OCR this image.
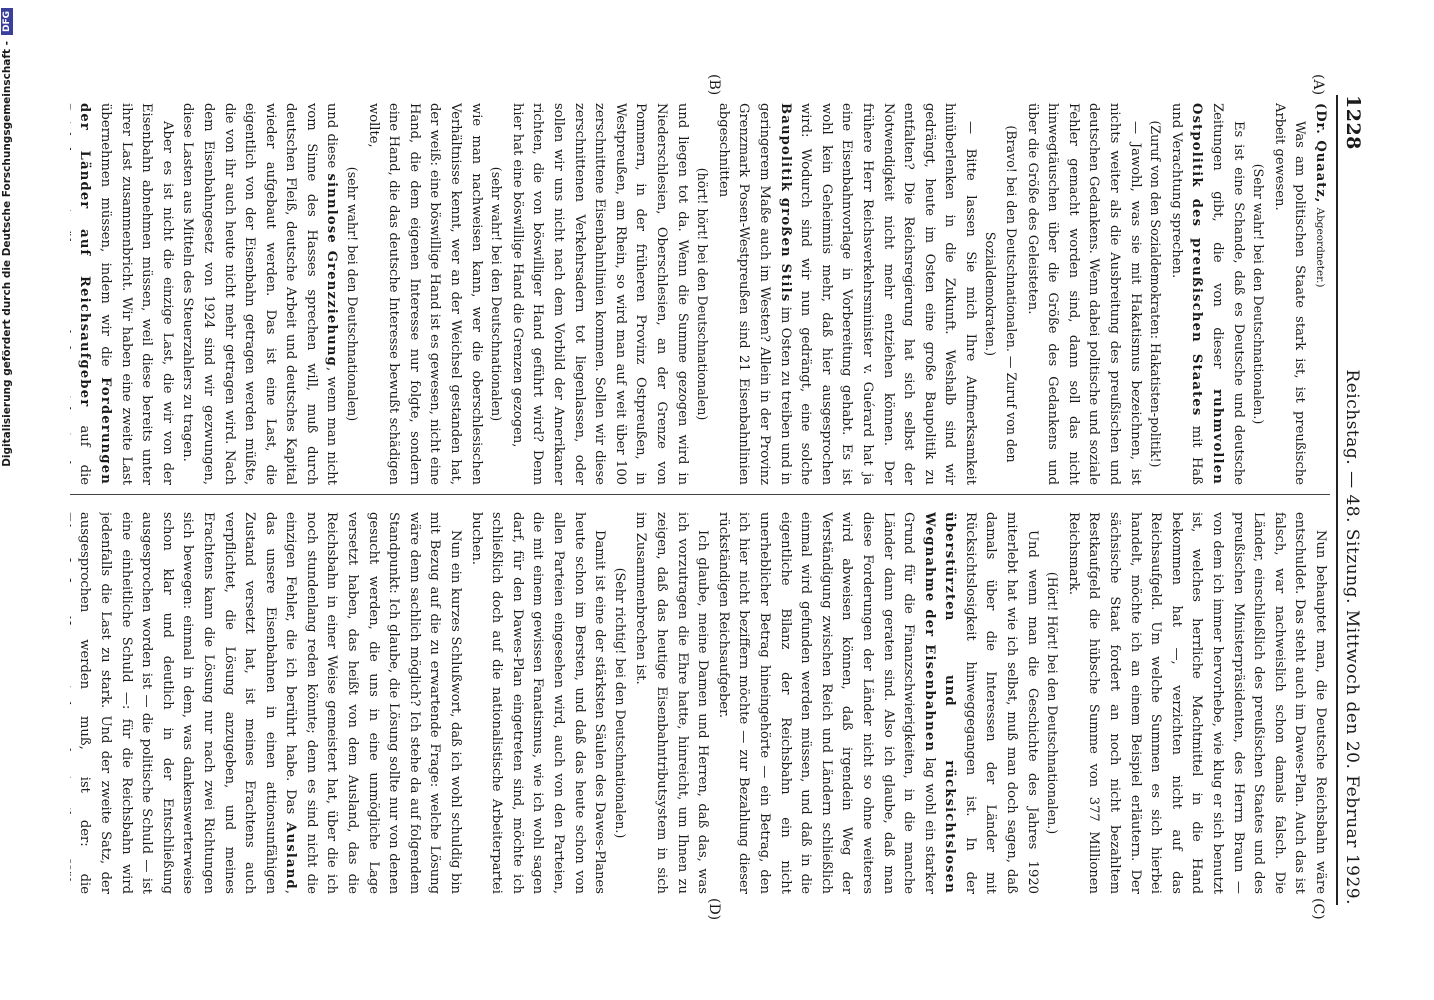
1228
Reichstag. — 48. Sitzung. Mittwoch den 20. Februar 1929.
(A)
(B)
(C)
(D)

(Dr. Quaatz, Abgeordneter.)

Was am politischen Staate stark ist, ist preußische Arbeit gewesen.

(Sehr wahr! bei den Deutschnationalen.)

Es ist eine Schande, daß es Deutsche und deutsche Zeitungen gibt, die von dieser ruhmvollen Ostpolitik des preußischen Staates mit Haß und Verachtung sprechen.

(Zuruf von den Sozialdemokraten: Hakatisten-politik!)

— Jawohl, was sie mit Hakatismus bezeichnen, ist nichts weiter als die Ausbreitung des preußischen und deutschen Gedankens. Wenn dabei politische und soziale Fehler gemacht worden sind, dann soll das nicht hinwegtäuschen über die Größe des Gedankens und über die Größe des Geleisteten.

(Bravo! bei den Deutschnationalen. — Zuruf von den Sozialdemokraten.)

— Bitte lassen Sie mich Ihre Aufmerksamkeit hinüberlenken in die Zukunft. Weshalb sind wir gedrängt, heute im Osten eine große Baupolitik zu entfalten? Die Reichsregierung hat sich selbst der Notwendigkeit nicht mehr entziehen können. Der frühere Herr Reichsverkehrsminister v. Guérard hat ja eine Eisenbahnvorlage in Vorbereitung gehabt. Es ist wohl kein Geheimnis mehr, daß hier ausgesprochen wird: Wodurch sind wir nun gedrängt, eine solche Baupolitik großen Stils im Osten zu treiben und in geringerem Maße auch im Westen? Allein in der Provinz Grenzmark Posen-Westpreußen sind 21 Eisenbahnlinien abgeschnitten

(hört! hört! bei den Deutschnationalen)

und liegen tot da. Wenn die Summe gezogen wird in Niederschlesien, Oberschlesien, an der Grenze von Pommern, in der früheren Provinz Ostpreußen, in Westpreußen, am Rhein, so wird man auf weit über 100 zerschnittene Eisenbahnlinien kommen. Sollen wir diese zerschnittenen Verkehrsadern tot liegenlassen, oder sollen wir uns nicht nach dem Vorbild der Amerikaner richten, die von böswilliger Hand geführt wird? Denn hier hat eine böswillige Hand die Grenzen gezogen,

(sehr wahr! bei den Deutschnationalen)

wie man nachweisen kann, wer die oberschlesischen Verhältnisse kennt, wer an der Weichsel gestanden hat, der weiß: eine böswillige Hand ist es gewesen, nicht eine Hand, die dem eigenen Interesse nur folgte, sondern eine Hand, die das deutsche Interesse bewußt schädigen wollte,

(sehr wahr! bei den Deutschnationalen)

und diese sinnlose Grenzziehung, wenn man nicht vom Sinne des Hasses sprechen will, muß durch deutschen Fleiß, deutsche Arbeit und deutsches Kapital wieder aufgebaut werden. Das ist eine Last, die eigentlich von der Eisenbahn getragen werden müßte, die von ihr auch heute nicht mehr getragen wird. Nach dem Eisenbahngesetz von 1924 sind wir gezwungen, diese Lasten aus Mitteln des Steuerzahlers zu tragen.

Aber es ist nicht die einzige Last, die wir von der Eisenbahn abnehmen müssen, weil diese bereits unter ihrer Last zusammenbricht. Wir haben eine zweite Last übernehmen müssen, indem wir die Forderungen der Länder auf Reichsaufgeber auf die

Nun behauptet man, die Deutsche Reichsbahn wäre entschuldet. Das steht auch im Dawes-Plan. Auch das ist falsch, war nachweislich schon damals falsch. Die Länder, einschließlich des preußischen Staates und des preußischen Ministerpräsidenten, des Herrn Braun — von dem ich immer hervorhebe, wie klug er sich benutzt ist, welches herrliche Machtmittel in die Hand bekommen hat —, verzichten nicht auf das Reichsaufgeld. Um welche Summen es sich hierbei handelt, möchte ich an einem Beispiel erläutern. Der sächsische Staat fordert an noch nicht bezahltem Restkaufgeld die hübsche Summe von 377 Millionen Reichsmark.

(Hört! Hört! bei den Deutschnationalen.)

Und wenn man die Geschichte des Jahres 1920 miterlebt hat wie ich selbst, muß man doch sagen, daß damals über die Interessen der Länder mit Rücksichtslosigkeit hinweggegangen ist. In der überstürzten und rücksichtslosen Wegnahme der Eisenbahnen lag wohl ein starker Grund für die Finanzschwierigkeiten, in die manche Länder dann geraten sind. Also ich glaube, daß man diese Forderungen der Länder nicht so ohne weiteres wird abweisen können, daß irgendein Weg der Verständigung zwischen Reich und Ländern schließlich einmal wird gefunden werden müssen, und daß in die eigentliche Bilanz der Reichsbahn ein nicht unerheblicher Betrag hineingehörte — ein Betrag, den ich hier nicht beziffern möchte — zur Bezahlung dieser rückständigen Reichsaufgeber.

Ich glaube, meine Damen und Herren, daß das, was ich vorzutragen die Ehre hatte, hinreicht, um Ihnen zu zeigen, daß das heutige Eisenbahntributsystem in sich im Zusammenbrechen ist.

(Sehr richtig! bei den Deutschnationalen.)

Damit ist eine der stärksten Säulen des Dawes-Planes heute schon im Bersten, und daß das heute schon von allen Parteien eingesehen wird, auch von den Parteien, die mit einem gewissen Fanatismus, wie ich wohl sagen darf, für den Dawes-Plan eingetreten sind, möchte ich schließlich doch auf die nationalistische Arbeiterpartei buchen.

Nun ein kurzes Schlußwort, daß ich wohl schuldig bin mit Bezug auf die zu erwartende Frage: welche Lösung wäre denn sachlich möglich? Ich stehe da auf folgendem Standpunkt: Ich glaube, die Lösung sollte nur von denen gesucht werden, die uns in eine unmögliche Lage versetzt haben, das heißt von dem Ausland, das die Reichsbahn in einer Weise gemeistert hat, über die ich noch stundenlang reden könnte; denn es sind nicht die einzigen Fehler, die ich berührt habe. Das Ausland, das unsere Eisenbahnen in einen attionsunfähigen Zustand versetzt hat, ist meines Erachtens auch verpflichtet, die Lösung anzugeben, und meines Erachtens kann die Lösung nur nach zwei Richtungen sich bewegen: einmal in dem, was dankenswerterweise schon klar und deutlich in der Entschließung ausgesprochen worden ist — die politische Schuld — ist eine einheitliche Schuld —: für die Reichsbahn wird jedenfalls die Last zu stark. Und der zweite Satz, der ausgesprochen werden muß, ist der: die

Digitalisierung gefördert durch die Deutsche Forschungsgemeinschaft -
DFG
